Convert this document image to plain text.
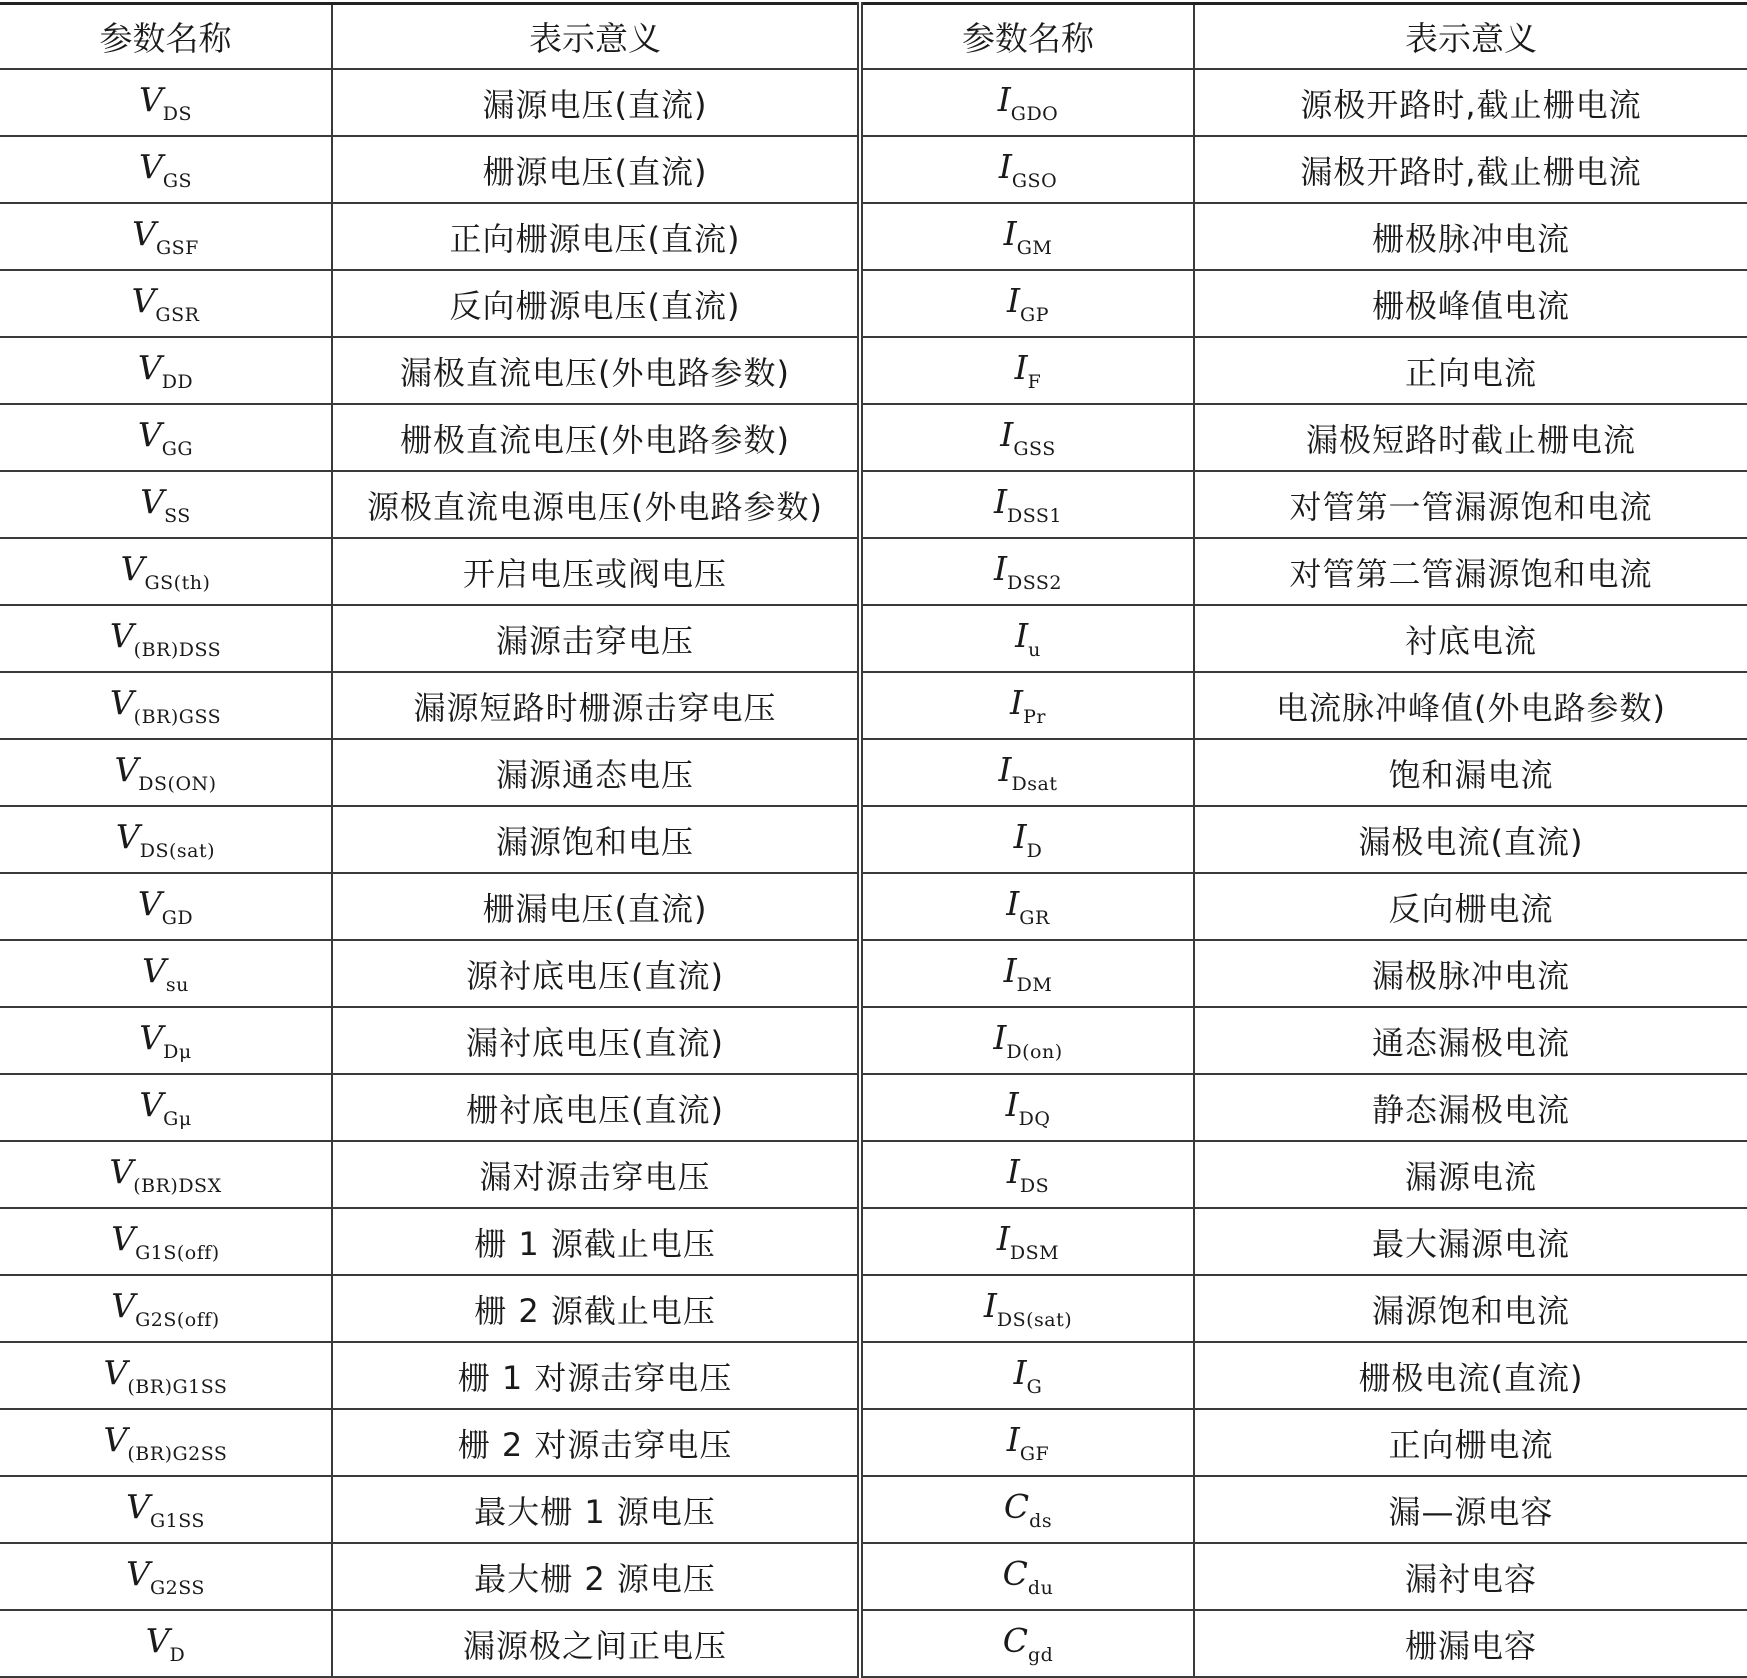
参数名称	表示意义	参数名称	表示意义
$V_{DS}$	漏源电压(直流)	$I_{GDO}$	源极开路时,截止栅电流
$V_{GS}$	栅源电压(直流)	$I_{GSO}$	漏极开路时,截止栅电流
$V_{GSF}$	正向栅源电压(直流)	$I_{GM}$	栅极脉冲电流
$V_{GSR}$	反向栅源电压(直流)	$I_{GP}$	栅极峰值电流
$V_{DD}$	漏极直流电压(外电路参数)	$I_F$	正向电流
$V_{GG}$	栅极直流电压(外电路参数)	$I_{GSS}$	漏极短路时截止栅电流
$V_{SS}$	源极直流电源电压(外电路参数)	$I_{DSS1}$	对管第一管漏源饱和电流
$V_{GS(th)}$	开启电压或阀电压	$I_{DSS2}$	对管第二管漏源饱和电流
$V_{(BR)DSS}$	漏源击穿电压	$I_u$	衬底电流
$V_{(BR)GSS}$	漏源短路时栅源击穿电压	$I_{Pr}$	电流脉冲峰值(外电路参数)
$V_{DS(ON)}$	漏源通态电压	$I_{Dsat}$	饱和漏电流
$V_{DS(sat)}$	漏源饱和电压	$I_D$	漏极电流(直流)
$V_{GD}$	栅漏电压(直流)	$I_{GR}$	反向栅电流
$V_{su}$	源衬底电压(直流)	$I_{DM}$	漏极脉冲电流
$V_{D\mu}$	漏衬底电压(直流)	$I_{D(on)}$	通态漏极电流
$V_{G\mu}$	栅衬底电压(直流)	$I_{DQ}$	静态漏极电流
$V_{(BR)DSX}$	漏对源击穿电压	$I_{DS}$	漏源电流
$V_{G1S(off)}$	栅 1 源截止电压	$I_{DSM}$	最大漏源电流
$V_{G2S(off)}$	栅 2 源截止电压	$I_{DS(sat)}$	漏源饱和电流
$V_{(BR)G1SS}$	栅 1 对源击穿电压	$I_G$	栅极电流(直流)
$V_{(BR)G2SS}$	栅 2 对源击穿电压	$I_{GF}$	正向栅电流
$V_{G1SS}$	最大栅 1 源电压	$C_{ds}$	漏—源电容
$V_{G2SS}$	最大栅 2 源电压	$C_{du}$	漏衬电容
$V_D$	漏源极之间正电压	$C_{gd}$	栅漏电容
